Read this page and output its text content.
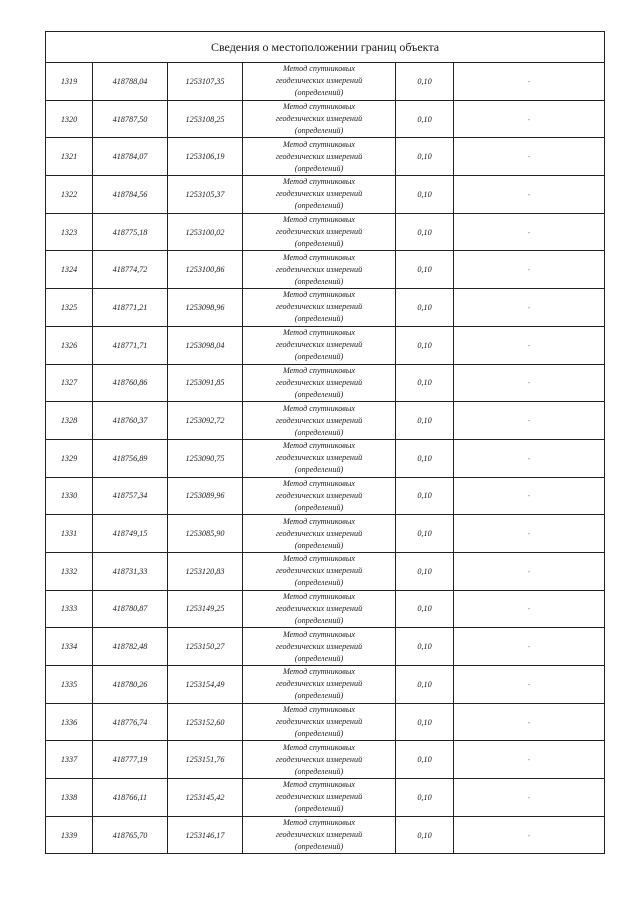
Сведения о местоположении границ объекта					
1319	418788,04	1253107,35	Метод спутниковых
геодезических измерений
(определений)	0,10	-
1320	418787,50	1253108,25	Метод спутниковых
геодезических измерений
(определений)	0,10	-
1321	418784,07	1253106,19	Метод спутниковых
геодезических измерений
(определений)	0,10	-
1322	418784,56	1253105,37	Метод спутниковых
геодезических измерений
(определений)	0,10	-
1323	418775,18	1253100,02	Метод спутниковых
геодезических измерений
(определений)	0,10	-
1324	418774,72	1253100,86	Метод спутниковых
геодезических измерений
(определений)	0,10	-
1325	418771,21	1253098,96	Метод спутниковых
геодезических измерений
(определений)	0,10	-
1326	418771,71	1253098,04	Метод спутниковых
геодезических измерений
(определений)	0,10	-
1327	418760,86	1253091,85	Метод спутниковых
геодезических измерений
(определений)	0,10	-
1328	418760,37	1253092,72	Метод спутниковых
геодезических измерений
(определений)	0,10	-
1329	418756,89	1253090,75	Метод спутниковых
геодезических измерений
(определений)	0,10	-
1330	418757,34	1253089,96	Метод спутниковых
геодезических измерений
(определений)	0,10	-
1331	418749,15	1253085,90	Метод спутниковых
геодезических измерений
(определений)	0,10	-
1332	418731,33	1253120,83	Метод спутниковых
геодезических измерений
(определений)	0,10	-
1333	418780,87	1253149,25	Метод спутниковых
геодезических измерений
(определений)	0,10	-
1334	418782,48	1253150,27	Метод спутниковых
геодезических измерений
(определений)	0,10	-
1335	418780,26	1253154,49	Метод спутниковых
геодезических измерений
(определений)	0,10	-
1336	418776,74	1253152,60	Метод спутниковых
геодезических измерений
(определений)	0,10	-
1337	418777,19	1253151,76	Метод спутниковых
геодезических измерений
(определений)	0,10	-
1338	418766,11	1253145,42	Метод спутниковых
геодезических измерений
(определений)	0,10	-
1339	418765,70	1253146,17	Метод спутниковых
геодезических измерений
(определений)	0,10	-
